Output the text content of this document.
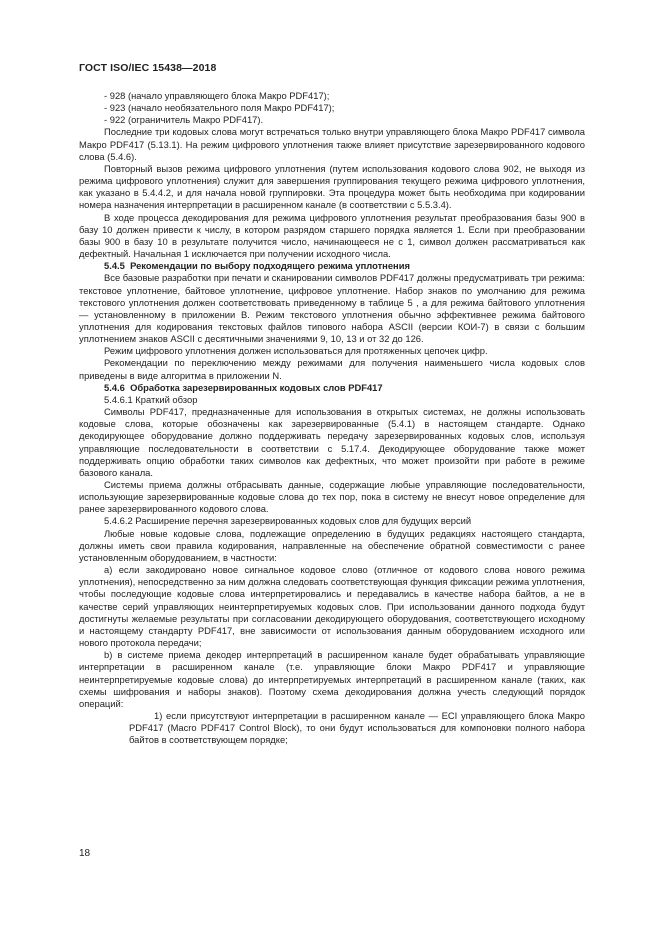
ГОСТ ISO/IEC 15438—2018

- 928 (начало управляющего блока Макро PDF417);

- 923 (начало необязательного поля Макро PDF417);

- 922 (ограничитель Макро PDF417).

Последние три кодовых слова могут встречаться только внутри управляющего блока Макро PDF417 символа Макро PDF417 (5.13.1). На режим цифрового уплотнения также влияет присутствие зарезервированного кодового слова (5.4.6).

Повторный вызов режима цифрового уплотнения (путем использования кодового слова 902, не выходя из режима цифрового уплотнения) служит для завершения группирования текущего режима цифрового уплотнения, как указано в 5.4.4.2, и для начала новой группировки. Эта процедура может быть необходима при кодировании номера назначения интерпретации в расширенном канале (в соответствии с 5.5.3.4).

В ходе процесса декодирования для режима цифрового уплотнения результат преобразования базы 900 в базу 10 должен привести к числу, в котором разрядом старшего порядка является 1. Если при преобразовании базы 900 в базу 10 в результате получится число, начинающееся не с 1, символ должен рассматриваться как дефектный. Начальная 1 исключается при получении исходного числа.

5.4.5 Рекомендации по выбору подходящего режима уплотнения

Все базовые разработки при печати и сканировании символов PDF417 должны предусматривать три режима: текстовое уплотнение, байтовое уплотнение, цифровое уплотнение. Набор знаков по умолчанию для режима текстового уплотнения должен соответствовать приведенному в таблице 5 , а для режима байтового уплотнения — установленному в приложении B. Режим текстового уплотнения обычно эффективнее режима байтового уплотнения для кодирования текстовых файлов типового набора ASCII (версии КОИ-7) в связи с большим уплотнением знаков ASCII с десятичными значениями 9, 10, 13 и от 32 до 126.

Режим цифрового уплотнения должен использоваться для протяженных цепочек цифр.

Рекомендации по переключению между режимами для получения наименьшего числа кодовых слов приведены в виде алгоритма в приложении N.

5.4.6 Обработка зарезервированных кодовых слов PDF417

5.4.6.1 Краткий обзор

Символы PDF417, предназначенные для использования в открытых системах, не должны использовать кодовые слова, которые обозначены как зарезервированные (5.4.1) в настоящем стандарте. Однако декодирующее оборудование должно поддерживать передачу зарезервированных кодовых слов, используя управляющие последовательности в соответствии с 5.17.4. Декодирующее оборудование также может поддерживать опцию обработки таких символов как дефектных, что может произойти при работе в режиме базового канала.

Системы приема должны отбрасывать данные, содержащие любые управляющие последовательности, использующие зарезервированные кодовые слова до тех пор, пока в систему не внесут новое определение для ранее зарезервированного кодового слова.

5.4.6.2 Расширение перечня зарезервированных кодовых слов для будущих версий

Любые новые кодовые слова, подлежащие определению в будущих редакциях настоящего стандарта, должны иметь свои правила кодирования, направленные на обеспечение обратной совместимости с ранее установленным оборудованием, в частности:

а) если закодировано новое сигнальное кодовое слово (отличное от кодового слова нового режима уплотнения), непосредственно за ним должна следовать соответствующая функция фиксации режима уплотнения, чтобы последующие кодовые слова интерпретировались и передавались в качестве набора байтов, а не в качестве серий управляющих неинтерпретируемых кодовых слов. При использовании данного подхода будут достигнуты желаемые результаты при согласовании декодирующего оборудования, соответствующего исходному и настоящему стандарту PDF417, вне зависимости от использования данным оборудованием исходного или нового протокола передачи;

b) в системе приема декодер интерпретаций в расширенном канале будет обрабатывать управляющие интерпретации в расширенном канале (т.е. управляющие блоки Макро PDF417 и управляющие неинтерпретируемые кодовые слова) до интерпретируемых интерпретаций в расширенном канале (таких, как схемы шифрования и наборы знаков). Поэтому схема декодирования должна учесть следующий порядок операций:

1) если присутствуют интерпретации в расширенном канале — ECI управляющего блока Макро PDF417 (Macro PDF417 Control Block), то они будут использоваться для компоновки полного набора байтов в соответствующем порядке;

18
